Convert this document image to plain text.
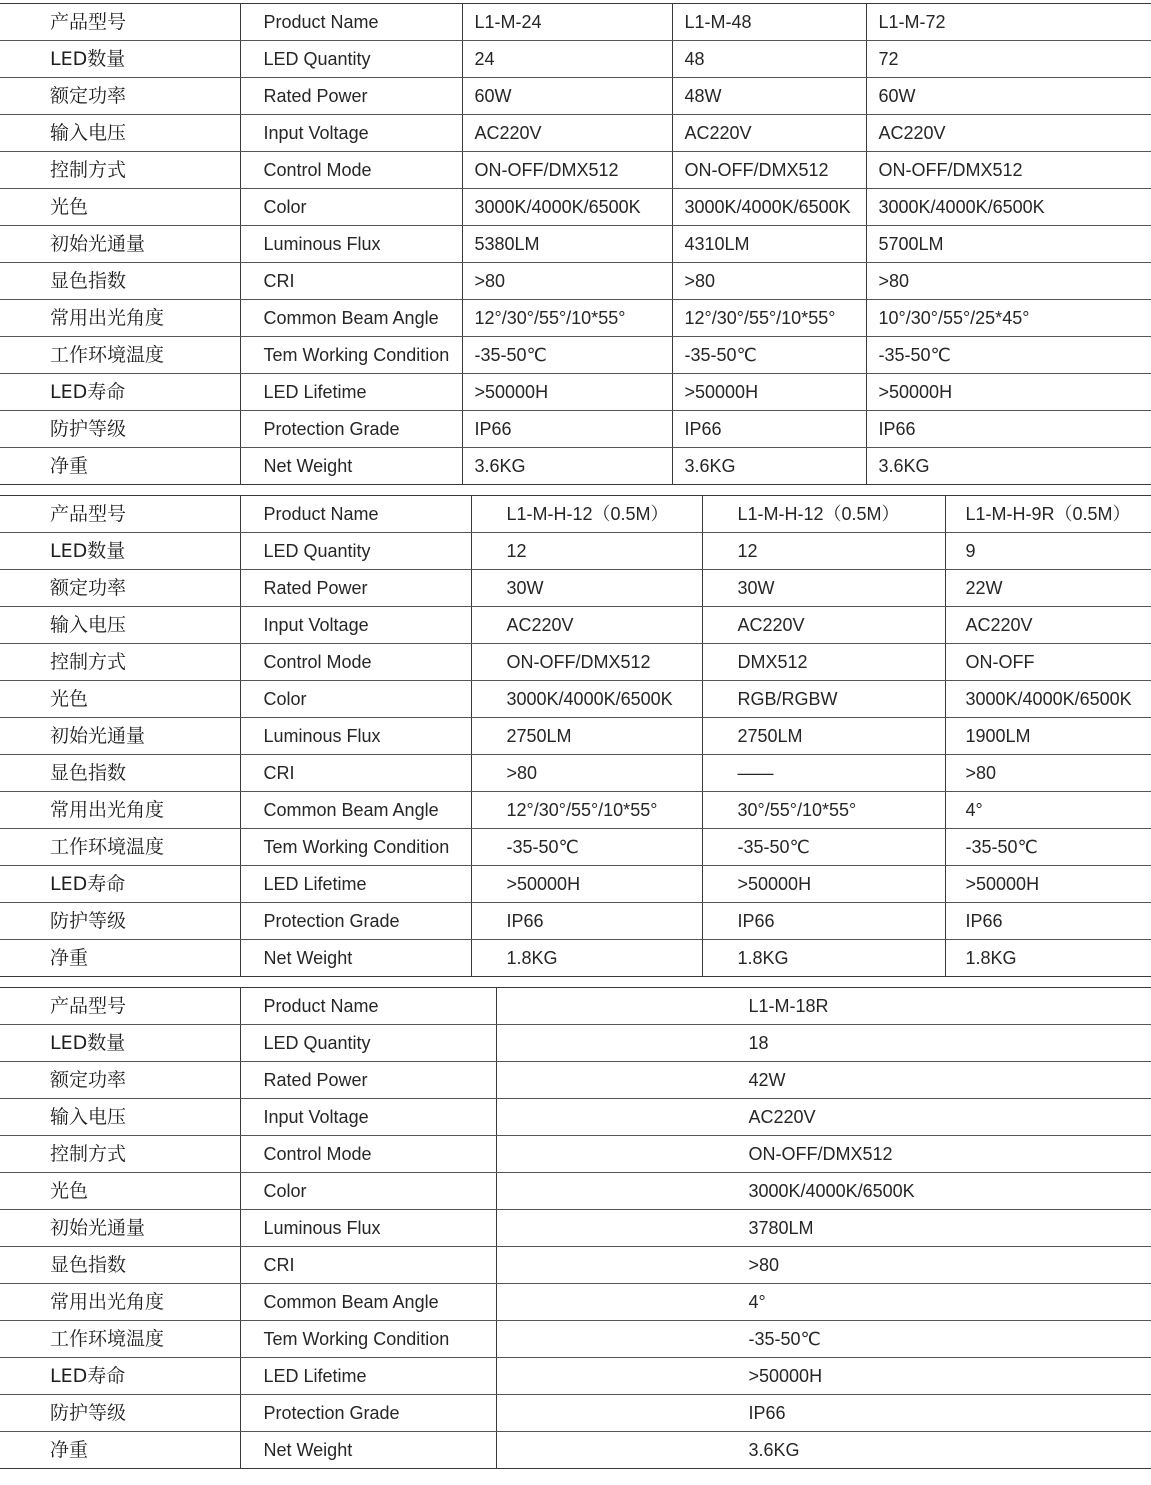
产品型号	Product Name	L1-M-24	L1-M-48	L1-M-72
LED数量	LED Quantity	24	48	72
额定功率	Rated Power	60W	48W	60W
输入电压	Input Voltage	AC220V	AC220V	AC220V
控制方式	Control Mode	ON-OFF/DMX512	ON-OFF/DMX512	ON-OFF/DMX512
光色	Color	3000K/4000K/6500K	3000K/4000K/6500K	3000K/4000K/6500K
初始光通量	Luminous Flux	5380LM	4310LM	5700LM
显色指数	CRI	>80	>80	>80
常用出光角度	Common Beam Angle	12°/30°/55°/10*55°	12°/30°/55°/10*55°	10°/30°/55°/25*45°
工作环境温度	Tem Working Condition	-35-50℃	-35-50℃	-35-50℃
LED寿命	LED Lifetime	>50000H	>50000H	>50000H
防护等级	Protection Grade	IP66	IP66	IP66
净重	Net Weight	3.6KG	3.6KG	3.6KG
产品型号	Product Name	L1-M-H-12（0.5M）	L1-M-H-12（0.5M）	L1-M-H-9R（0.5M）
LED数量	LED Quantity	12	12	9
额定功率	Rated Power	30W	30W	22W
输入电压	Input Voltage	AC220V	AC220V	AC220V
控制方式	Control Mode	ON-OFF/DMX512	DMX512	ON-OFF
光色	Color	3000K/4000K/6500K	RGB/RGBW	3000K/4000K/6500K
初始光通量	Luminous Flux	2750LM	2750LM	1900LM
显色指数	CRI	>80	——	>80
常用出光角度	Common Beam Angle	12°/30°/55°/10*55°	30°/55°/10*55°	4°
工作环境温度	Tem Working Condition	-35-50℃	-35-50℃	-35-50℃
LED寿命	LED Lifetime	>50000H	>50000H	>50000H
防护等级	Protection Grade	IP66	IP66	IP66
净重	Net Weight	1.8KG	1.8KG	1.8KG
产品型号	Product Name	L1-M-18R
LED数量	LED Quantity	18
额定功率	Rated Power	42W
输入电压	Input Voltage	AC220V
控制方式	Control Mode	ON-OFF/DMX512
光色	Color	3000K/4000K/6500K
初始光通量	Luminous Flux	3780LM
显色指数	CRI	>80
常用出光角度	Common Beam Angle	4°
工作环境温度	Tem Working Condition	-35-50℃
LED寿命	LED Lifetime	>50000H
防护等级	Protection Grade	IP66
净重	Net Weight	3.6KG
